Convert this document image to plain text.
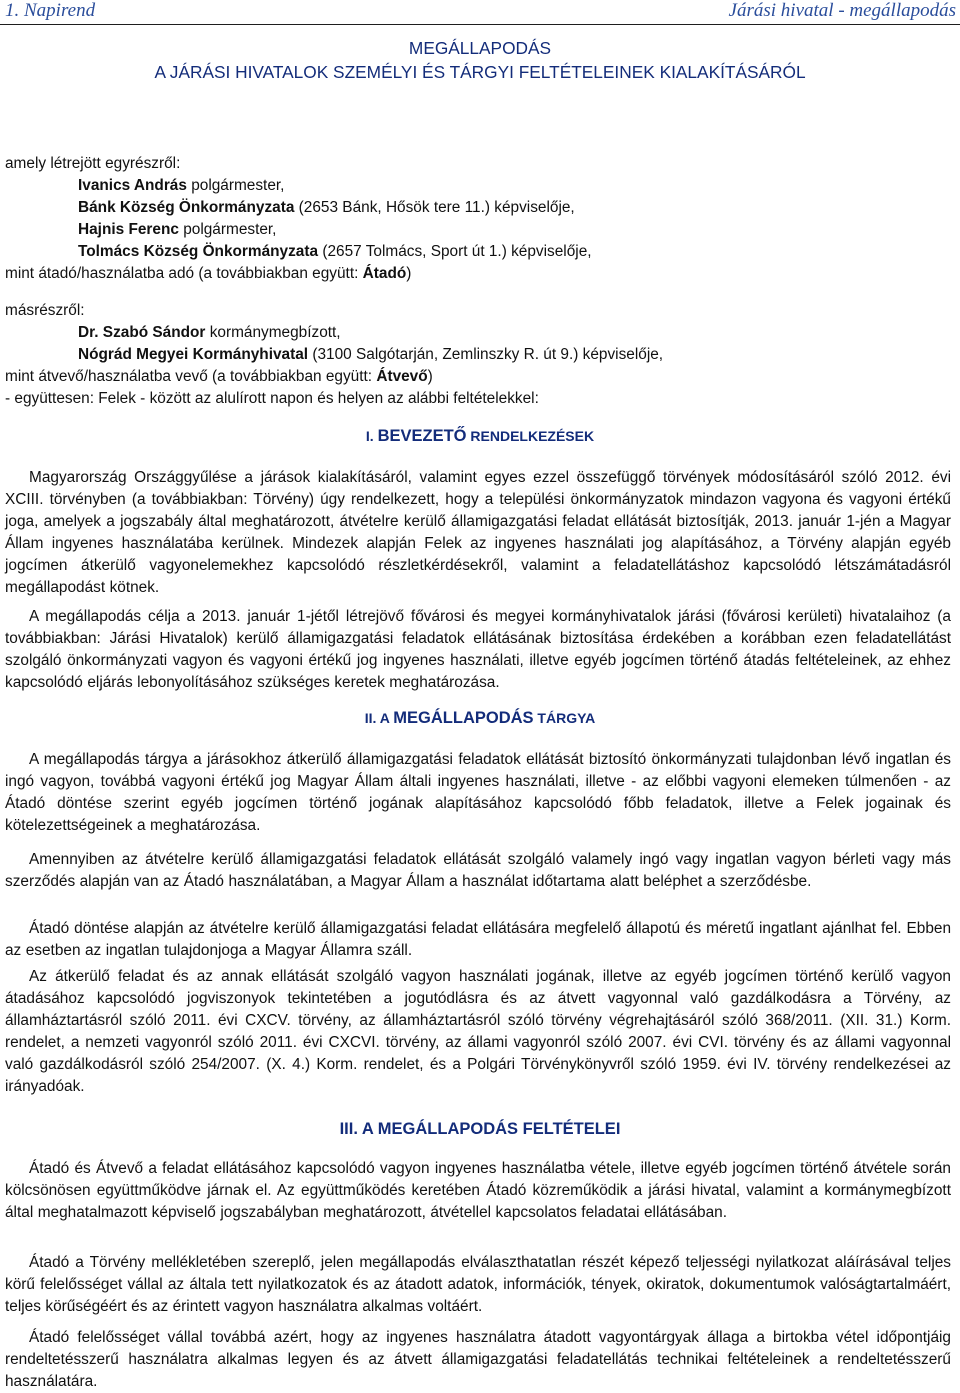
1. Napirend	Járási hivatal - megállapodás
MEGÁLLAPODÁS
A JÁRÁSI HIVATALOK SZEMÉLYI ÉS TÁRGYI FELTÉTELEINEK KIALAKÍTÁSÁRÓL
amely létrejött egyrészről:
Ivanics András polgármester,
Bánk Község Önkormányzata (2653 Bánk, Hősök tere 11.) képviselője,
Hajnis Ferenc polgármester,
Tolmács Község Önkormányzata (2657 Tolmács, Sport út 1.) képviselője,
mint átadó/használatba adó (a továbbiakban együtt: Átadó)
másrészről:
Dr. Szabó Sándor kormánymegbízott,
Nógrád Megyei Kormányhivatal (3100 Salgótarján, Zemlinszky R. út 9.) képviselője,
mint átvevő/használatba vevő (a továbbiakban együtt: Átvevő)
- együttesen: Felek - között az alulírott napon és helyen az alábbi feltételekkel:
I. BEVEZETŐ RENDELKEZÉSEK
Magyarország Országgyűlése a járások kialakításáról, valamint egyes ezzel összefüggő törvények módosításáról szóló 2012. évi XCIII. törvényben (a továbbiakban: Törvény) úgy rendelkezett, hogy a települési önkormányzatok mindazon vagyona és vagyoni értékű joga, amelyek a jogszabály által meghatározott, átvételre kerülő államigazgatási feladat ellátását biztosítják, 2013. január 1-jén a Magyar Állam ingyenes használatába kerülnek. Mindezek alapján Felek az ingyenes használati jog alapításához, a Törvény alapján egyéb jogcímen átkerülő vagyonelemekhez kapcsolódó részletkérdésekről, valamint a feladatellátáshoz kapcsolódó létszámátadásról megállapodást kötnek.
A megállapodás célja a 2013. január 1-jétől létrejövő fővárosi és megyei kormányhivatalok járási (fővárosi kerületi) hivatalaihoz (a továbbiakban: Járási Hivatalok) kerülő államigazgatási feladatok ellátásának biztosítása érdekében a korábban ezen feladatellátást szolgáló önkormányzati vagyon és vagyoni értékű jog ingyenes használati, illetve egyéb jogcímen történő átadás feltételeinek, az ehhez kapcsolódó eljárás lebonyolításához szükséges keretek meghatározása.
II. A MEGÁLLAPODÁS TÁRGYA
A megállapodás tárgya a járásokhoz átkerülő államigazgatási feladatok ellátását biztosító önkormányzati tulajdonban lévő ingatlan és ingó vagyon, továbbá vagyoni értékű jog Magyar Állam általi ingyenes használati, illetve - az előbbi vagyoni elemeken túlmenően - az Átadó döntése szerint egyéb jogcímen történő jogának alapításához kapcsolódó főbb feladatok, illetve a Felek jogainak és kötelezettségeinek a meghatározása.
Amennyiben az átvételre kerülő államigazgatási feladatok ellátását szolgáló valamely ingó vagy ingatlan vagyon bérleti vagy más szerződés alapján van az Átadó használatában, a Magyar Állam a használat időtartama alatt beléphet a szerződésbe.
Átadó döntése alapján az átvételre kerülő államigazgatási feladat ellátására megfelelő állapotú és méretű ingatlant ajánlhat fel. Ebben az esetben az ingatlan tulajdonjoga a Magyar Államra száll.
Az átkerülő feladat és az annak ellátását szolgáló vagyon használati jogának, illetve az egyéb jogcímen történő kerülő vagyon átadásához kapcsolódó jogviszonyok tekintetében a jogutódlásra és az átvett vagyonnal való gazdálkodásra a Törvény, az államháztartásról szóló 2011. évi CXCV. törvény, az államháztartásról szóló törvény végrehajtásáról szóló 368/2011. (XII. 31.) Korm. rendelet, a nemzeti vagyonról szóló 2011. évi CXCVI. törvény, az állami vagyonról szóló 2007. évi CVI. törvény és az állami vagyonnal való gazdálkodásról szóló 254/2007. (X. 4.) Korm. rendelet, és a Polgári Törvénykönyvről szóló 1959. évi IV. törvény rendelkezései az irányadóak.
III. A MEGÁLLAPODÁS FELTÉTELEI
Átadó és Átvevő a feladat ellátásához kapcsolódó vagyon ingyenes használatba vétele, illetve egyéb jogcímen történő átvétele során kölcsönösen együttműködve járnak el. Az együttműködés keretében Átadó közreműködik a járási hivatal, valamint a kormánymegbízott által meghatalmazott képviselő jogszabályban meghatározott, átvétellel kapcsolatos feladatai ellátásában.
Átadó a Törvény mellékletében szereplő, jelen megállapodás elválaszthatatlan részét képező teljességi nyilatkozat aláírásával teljes körű felelősséget vállal az általa tett nyilatkozatok és az átadott adatok, információk, tények, okiratok, dokumentumok valóságtartalmáért, teljes körűségéért és az érintett vagyon használatra alkalmas voltáért.
Átadó felelősséget vállal továbbá azért, hogy az ingyenes használatra átadott vagyontárgyak állaga a birtokba vétel időpontjáig rendeltetésszerű használatra alkalmas legyen és az átvett államigazgatási feladatellátás technikai feltételeinek a rendeltetésszerű használatára.
